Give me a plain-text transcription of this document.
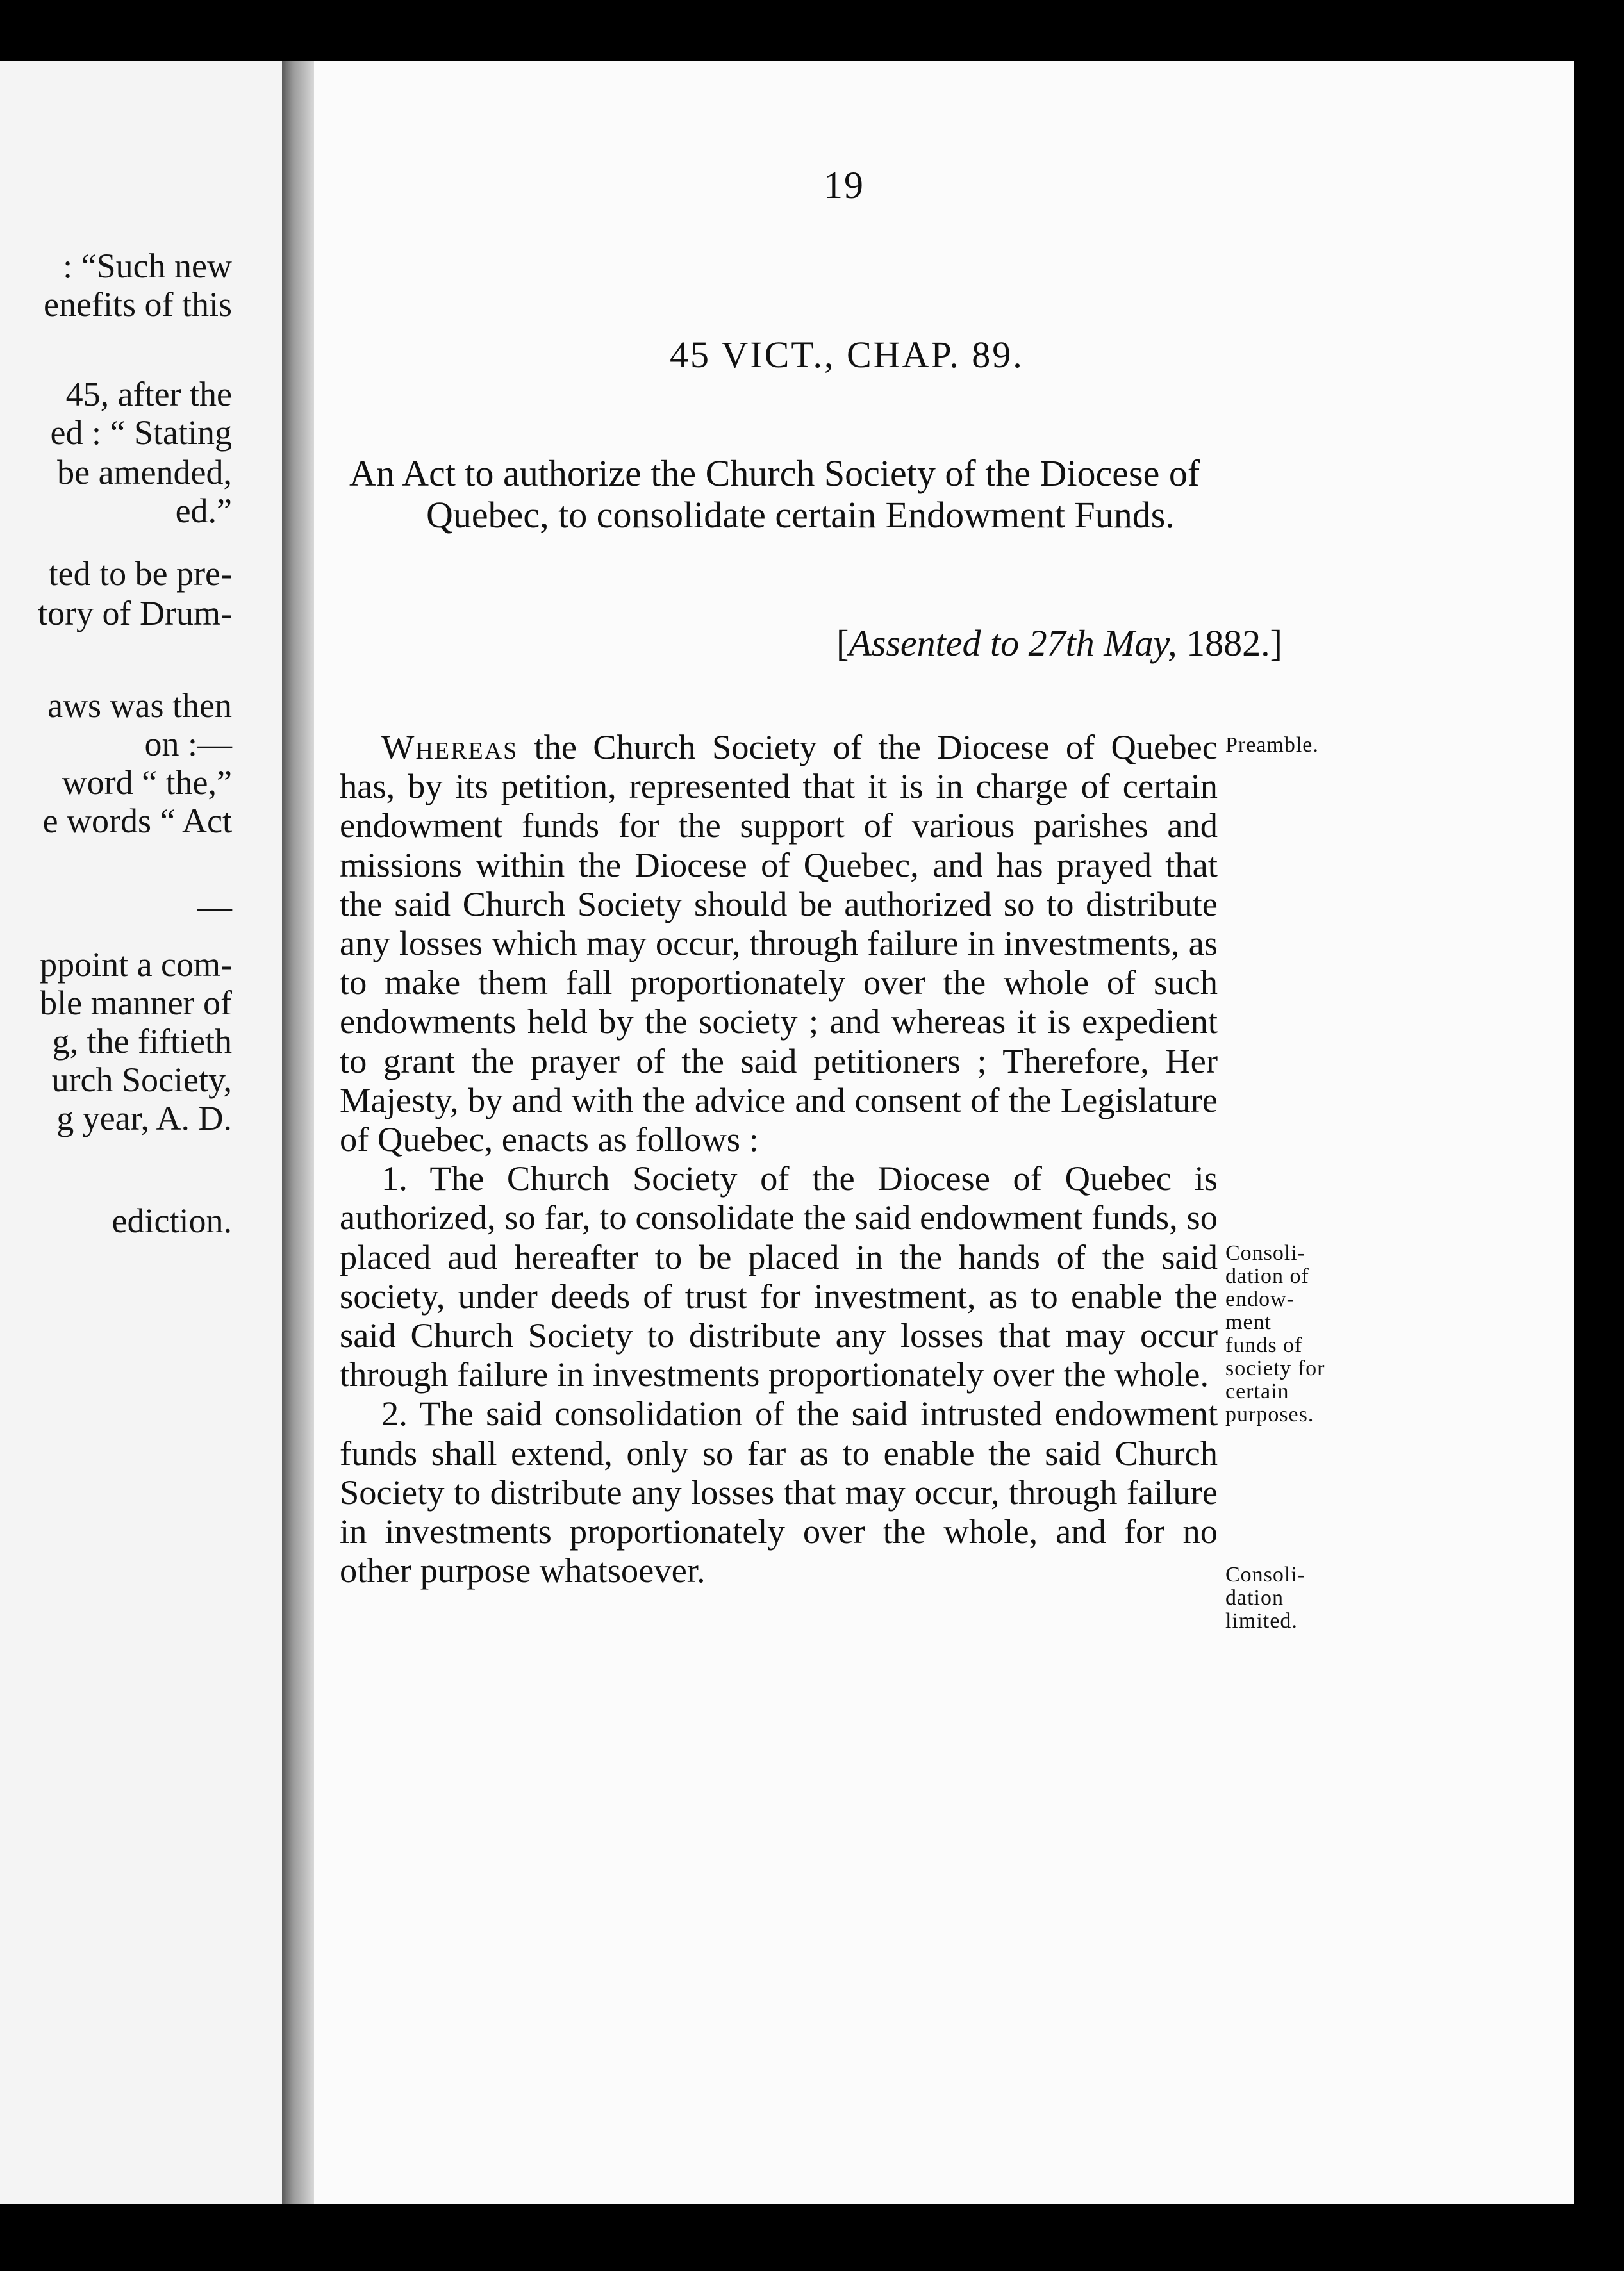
: “Such new
enefits of this
45, after the
ed : “ Stating
be amended,
ed.”
ted to be pre-
tory of Drum-
aws was then
on :—
word “ the,”
e words “ Act
—
ppoint a com-
ble manner of
g, the fiftieth
urch Society,
g year, A. D.
ediction.
19
45 VICT., CHAP. 89.
An Act to authorize the Church Society of the Diocese of
Quebec, to consolidate certain Endowment Funds.
[Assented to 27th May, 1882.]

Whereas the Church Society of the Diocese of Quebec has, by its petition, represented that it is in charge of certain endowment funds for the support of various parishes and missions within the Diocese of Quebec, and has prayed that the said Church Society should be authorized so to distribute any losses which may occur, through failure in investments, as to make them fall proportionately over the whole of such endowments held by the society ; and whereas it is expedient to grant the prayer of the said petitioners ; Therefore, Her Majesty, by and with the advice and consent of the Legislature of Quebec, enacts as follows :

1. The Church Society of the Diocese of Quebec is authorized, so far, to consolidate the said endowment funds, so placed aud hereafter to be placed in the hands of the said society, under deeds of trust for investment, as to enable the said Church Society to distribute any losses that may occur through failure in investments proportionately over the whole.

2. The said consolidation of the said intrusted endowment funds shall extend, only so far as to enable the said Church Society to distribute any losses that may occur, through failure in investments proportionately over the whole, and for no other purpose whatsoever.

Preamble.
Consoli-
dation of
endow-
ment
funds of
society for
certain
purposes.
Consoli-
dation
limited.
